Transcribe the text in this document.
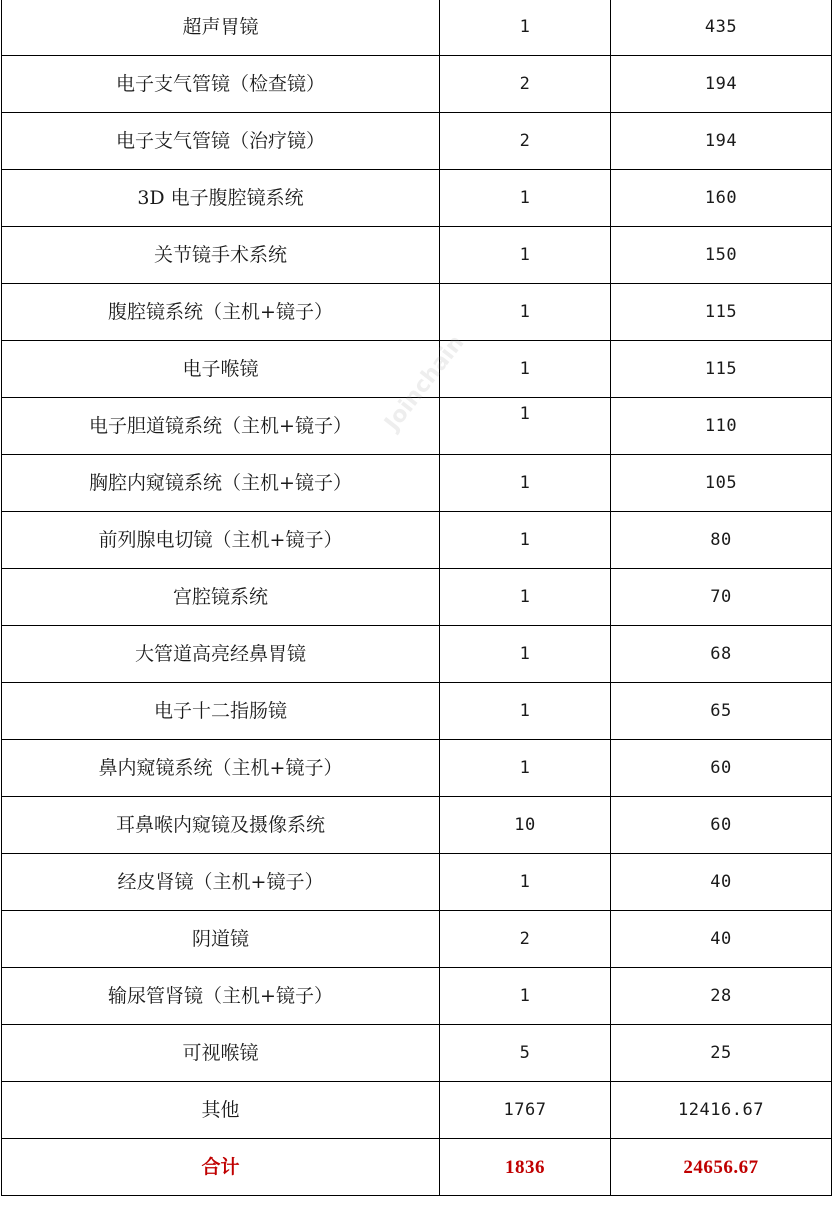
超声胃镜	1	435
电子支气管镜（检查镜）	2	194
电子支气管镜（治疗镜）	2	194
3D 电子腹腔镜系统	1	160
关节镜手术系统	1	150
腹腔镜系统（主机+镜子）	1	115
电子喉镜	1	115
电子胆道镜系统（主机+镜子）	1	110
胸腔内窥镜系统（主机+镜子）	1	105
前列腺电切镜（主机+镜子）	1	80
宫腔镜系统	1	70
大管道高亮经鼻胃镜	1	68
电子十二指肠镜	1	65
鼻内窥镜系统（主机+镜子）	1	60
耳鼻喉内窥镜及摄像系统	10	60
经皮肾镜（主机+镜子）	1	40
阴道镜	2	40
输尿管肾镜（主机+镜子）	1	28
可视喉镜	5	25
其他	1767	12416.67
合计	1836	24656.67
Joinchain
